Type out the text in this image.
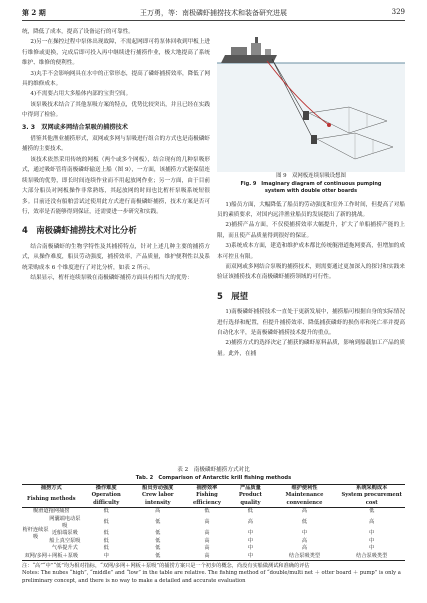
第 2 期	王万勇，等：南极磷虾捕捞技术和装备研究进展	329

统，降低了成本，提高了设备运行的可靠性。

2)另一在操控过程中泵体出现故障，不需起网即可将泵体回收到甲板上进行维修或更换，完成后即可投入再中继续进行捕捞作业，极大地提高了系统维护、维修的便利性。

3)丸手不会影响网具在水中的正常形态，提高了磷虾捕捞效率，降低了网具的维修成本。

4)不需要占用大多船体内部的宝贵空间。

该泵吸技术结合了其他泵吸方案的特点，优势比较突出，并且已经在实践中得到了检验。

3. 3　双网或多网结合泵吸的捕捞技术

借鉴其他渔业捕捞形式，双网或多网与泵吸进行组合的方式也是南极磷虾捕捞的主要技术。

该技术依然采用传统的网板（两个或多个网板），结合现有的几种泵吸形式，通过吸虾管将南极磷虾输送上船（图 9），一方面，该捕捞方式能保留连续泵吸的优势，即长时间连续作业而不用起放网作业；另一方面，由于目前大部分船员对网板操作非常熟练，其起放网的时间也比桁杆泵吸系统短很多。目前还没有船舶尝试过使用此方式进行南极磷虾捕捞，技术方案是否可行，效率是否能够得到保证，还需要进一步研究和实践。

4　南极磷虾捕捞技术对比分析

结合南极磷虾的生物学特性及其捕捞特点，针对上述几种主要的捕捞方式，从操作难度，船员劳动强度，捕捞效率，产品质量，维护便利性以及系统采购成本 6 个维度进行了对比分析，如表 2 所示。

结果显示，桁杆连续泵吸在南极磷虾捕捞方面具有相当大的优势：

图 9　双网板连续泵吸设想图
Fig. 9　Imaginary diagram of continuous pumping
system with double otter boards

1)船员方面，大幅降低了船员的劳动强度和室外工作时间，但提高了对船员的素质要求，对国内远洋渔业船员的发展提出了新的挑战。

2)捕捞产品方面，不仅使捕捞效率大幅提升，扩大了单船捕捞产能的上限，而且使产品质量得到很好的保证。

3)系统成本方面，建造和维护成本都比传统艉滑道拖网要高，但增加的成本可控且有限。

而双网或多网结合泵吸的捕捞技术，则需要通过更加深入的探讨和实践来验证该捕捞技术在南极磷虾捕捞领域的可行性。

5　展望

1)南极磷虾捕捞技术一直处于更新发展中，捕捞船可根据自身的实际情况进行选择和配置，但提升捕捞效率、降低捕获磷虾的损伤率和死亡率并提高自动化水平，是南极磷虾捕捞技术提升的重点。

2)捕捞方式的选择决定了捕获的磷虾原料品质，影响到船载加工产品的质量。此外，在捕

表 2　南极磷虾捕捞方式对比
Tab. 2　Comparison of Antarctic krill fishing methods
捕捞方式		操作难度	船员劳动强度	捕捞效率	产品质量	维护便利性	系统采购成本
Fishing methods		Operation difficulty	Crew labor intensity	Fishing efficiency	Product quality	Maintenance convenience	System procurement cost
艉滑道拖网捕捞		低	高	低	低	高	低
桁杆连续泵吸	网囊端电动泵吸	低	低	高	高	低	高
	近船端泵吸	低	低	高	中	中	中
	船上真空泵吸	低	低	高	中	高	中
	气举提升式	低	低	高	中	高	中
双网/多网＋网板＋泵吸		中	低	高	中	结合泵吸类型	结合泵吸类型
注：“高”“中”“低”均为相对指标，“双网/多网＋网板＋泵吸”的捕捞方案只是一个初步的概念，尚没有实船做测试和准确的评估
Notes: The nubes “high”, “middle” and “low” in the table are relative. The fishing method of “double/multi net ＋ otter board ＋ pump” is only a preliminary concept, and there is no way to make a detailed and accurate evaluation
